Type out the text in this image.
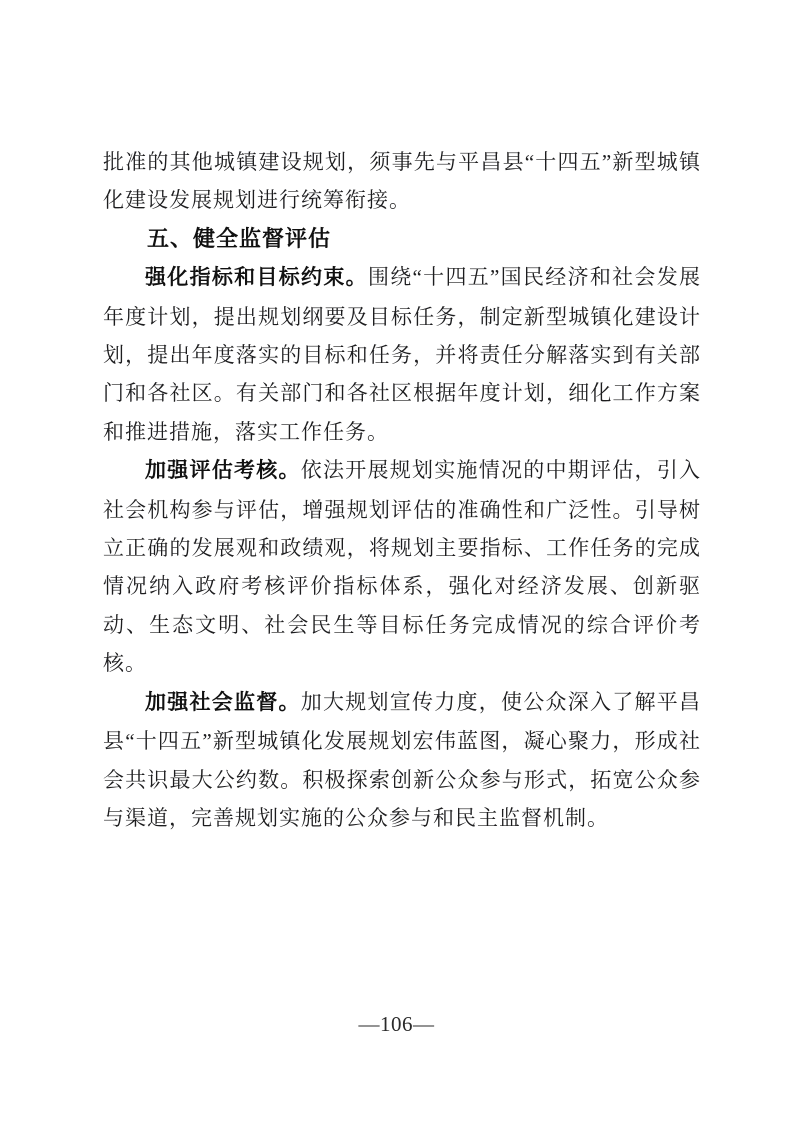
批准的其他城镇建设规划，须事先与平昌县“十四五”新型城镇化建设发展规划进行统筹衔接。

五、健全监督评估

强化指标和目标约束。围绕“十四五”国民经济和社会发展年度计划，提出规划纲要及目标任务，制定新型城镇化建设计划，提出年度落实的目标和任务，并将责任分解落实到有关部门和各社区。有关部门和各社区根据年度计划，细化工作方案和推进措施，落实工作任务。

加强评估考核。依法开展规划实施情况的中期评估，引入社会机构参与评估，增强规划评估的准确性和广泛性。引导树立正确的发展观和政绩观，将规划主要指标、工作任务的完成情况纳入政府考核评价指标体系，强化对经济发展、创新驱动、生态文明、社会民生等目标任务完成情况的综合评价考核。

加强社会监督。加大规划宣传力度，使公众深入了解平昌县“十四五”新型城镇化发展规划宏伟蓝图，凝心聚力，形成社会共识最大公约数。积极探索创新公众参与形式，拓宽公众参与渠道，完善规划实施的公众参与和民主监督机制。

—106—
